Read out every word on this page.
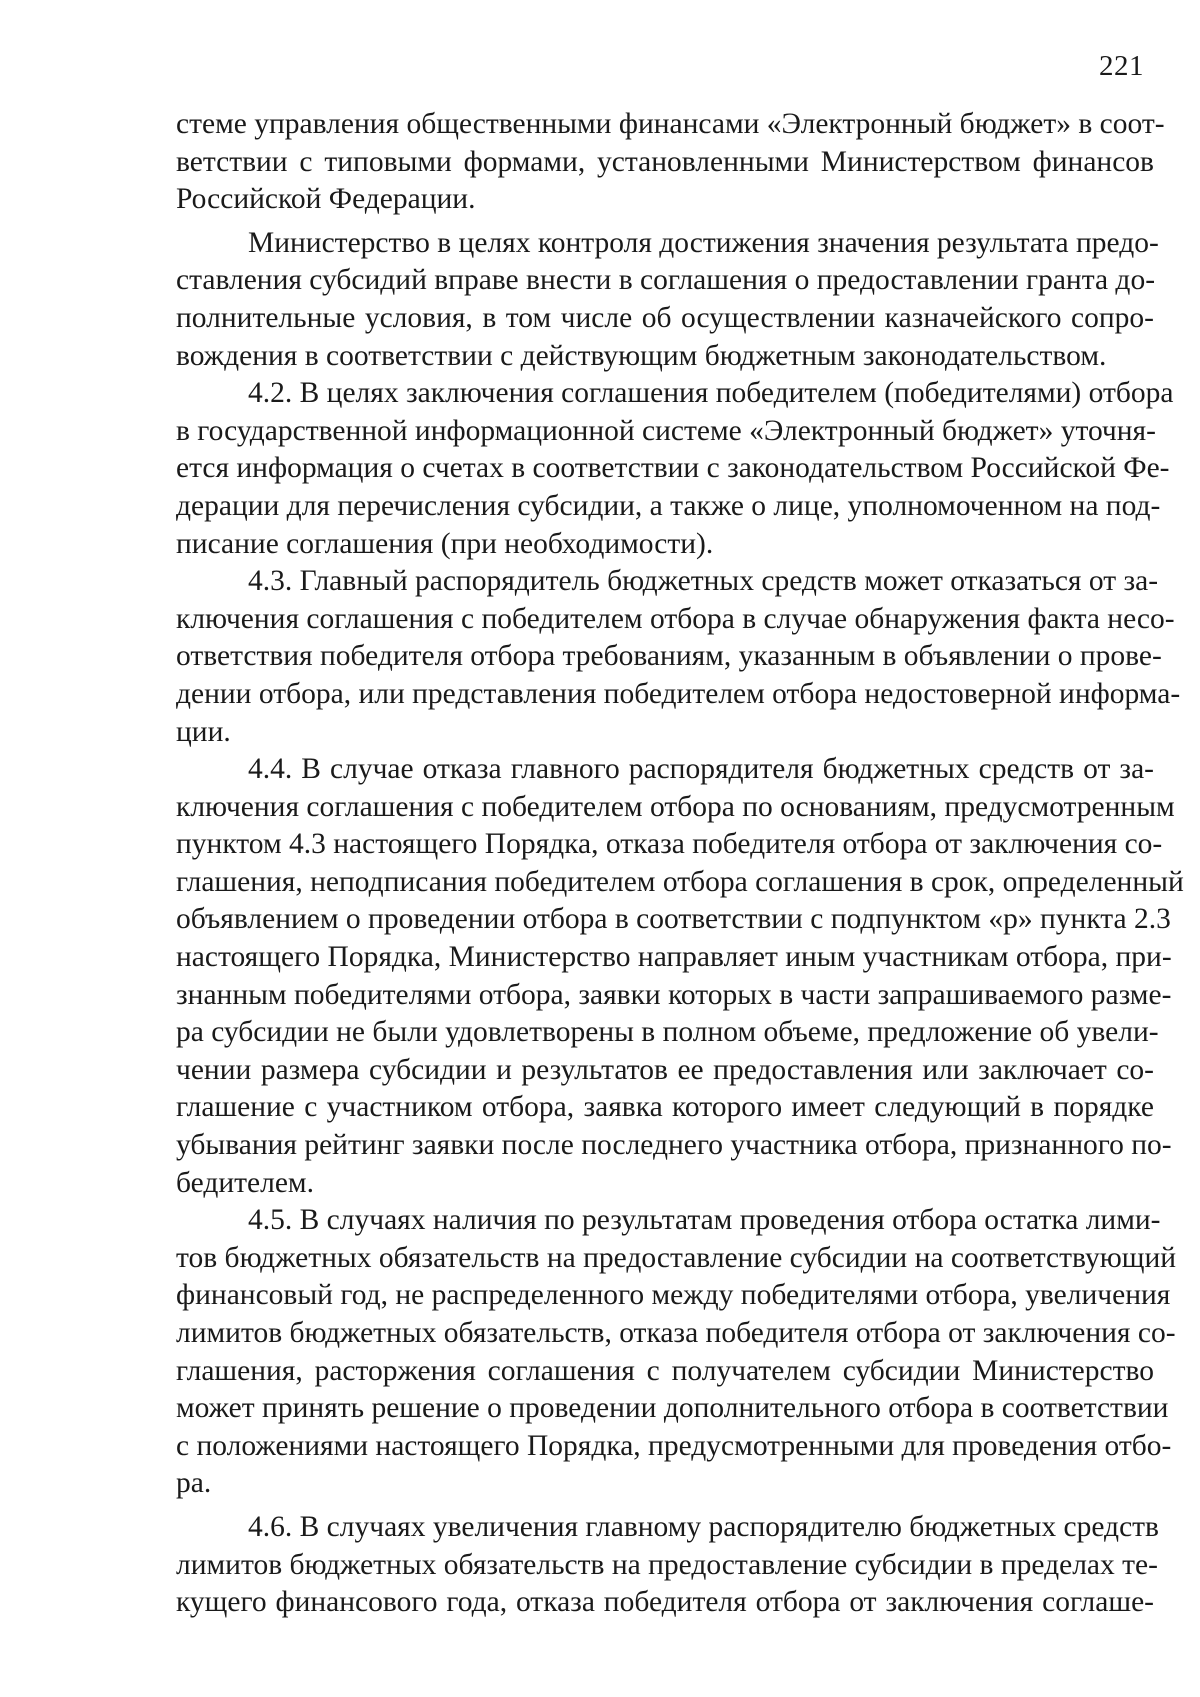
221
стеме управления общественными финансами «Электронный бюджет» в соот-
ветствии с типовыми формами, установленными Министерством финансов
Российской Федерации.
Министерство в целях контроля достижения значения результата предо-
ставления субсидий вправе внести в соглашения о предоставлении гранта до-
полнительные условия, в том числе об осуществлении казначейского сопро-
вождения в соответствии с действующим бюджетным законодательством.
4.2. В целях заключения соглашения победителем (победителями) отбора
в государственной информационной системе «Электронный бюджет» уточня-
ется информация о счетах в соответствии с законодательством Российской Фе-
дерации для перечисления субсидии, а также о лице, уполномоченном на под-
писание соглашения (при необходимости).
4.3. Главный распорядитель бюджетных средств может отказаться от за-
ключения соглашения с победителем отбора в случае обнаружения факта несо-
ответствия победителя отбора требованиям, указанным в объявлении о прове-
дении отбора, или представления победителем отбора недостоверной информа-
ции.
4.4. В случае отказа главного распорядителя бюджетных средств от за-
ключения соглашения с победителем отбора по основаниям, предусмотренным
пунктом 4.3 настоящего Порядка, отказа победителя отбора от заключения со-
глашения, неподписания победителем отбора соглашения в срок, определенный
объявлением о проведении отбора в соответствии с подпунктом «р» пункта 2.3
настоящего Порядка, Министерство направляет иным участникам отбора, при-
знанным победителями отбора, заявки которых в части запрашиваемого разме-
ра субсидии не были удовлетворены в полном объеме, предложение об увели-
чении размера субсидии и результатов ее предоставления или заключает со-
глашение с участником отбора, заявка которого имеет следующий в порядке
убывания рейтинг заявки после последнего участника отбора, признанного по-
бедителем.
4.5. В случаях наличия по результатам проведения отбора остатка лими-
тов бюджетных обязательств на предоставление субсидии на соответствующий
финансовый год, не распределенного между победителями отбора, увеличения
лимитов бюджетных обязательств, отказа победителя отбора от заключения со-
глашения, расторжения соглашения с получателем субсидии Министерство
может принять решение о проведении дополнительного отбора в соответствии
с положениями настоящего Порядка, предусмотренными для проведения отбо-
ра.
4.6. В случаях увеличения главному распорядителю бюджетных средств
лимитов бюджетных обязательств на предоставление субсидии в пределах те-
кущего финансового года, отказа победителя отбора от заключения соглаше-
